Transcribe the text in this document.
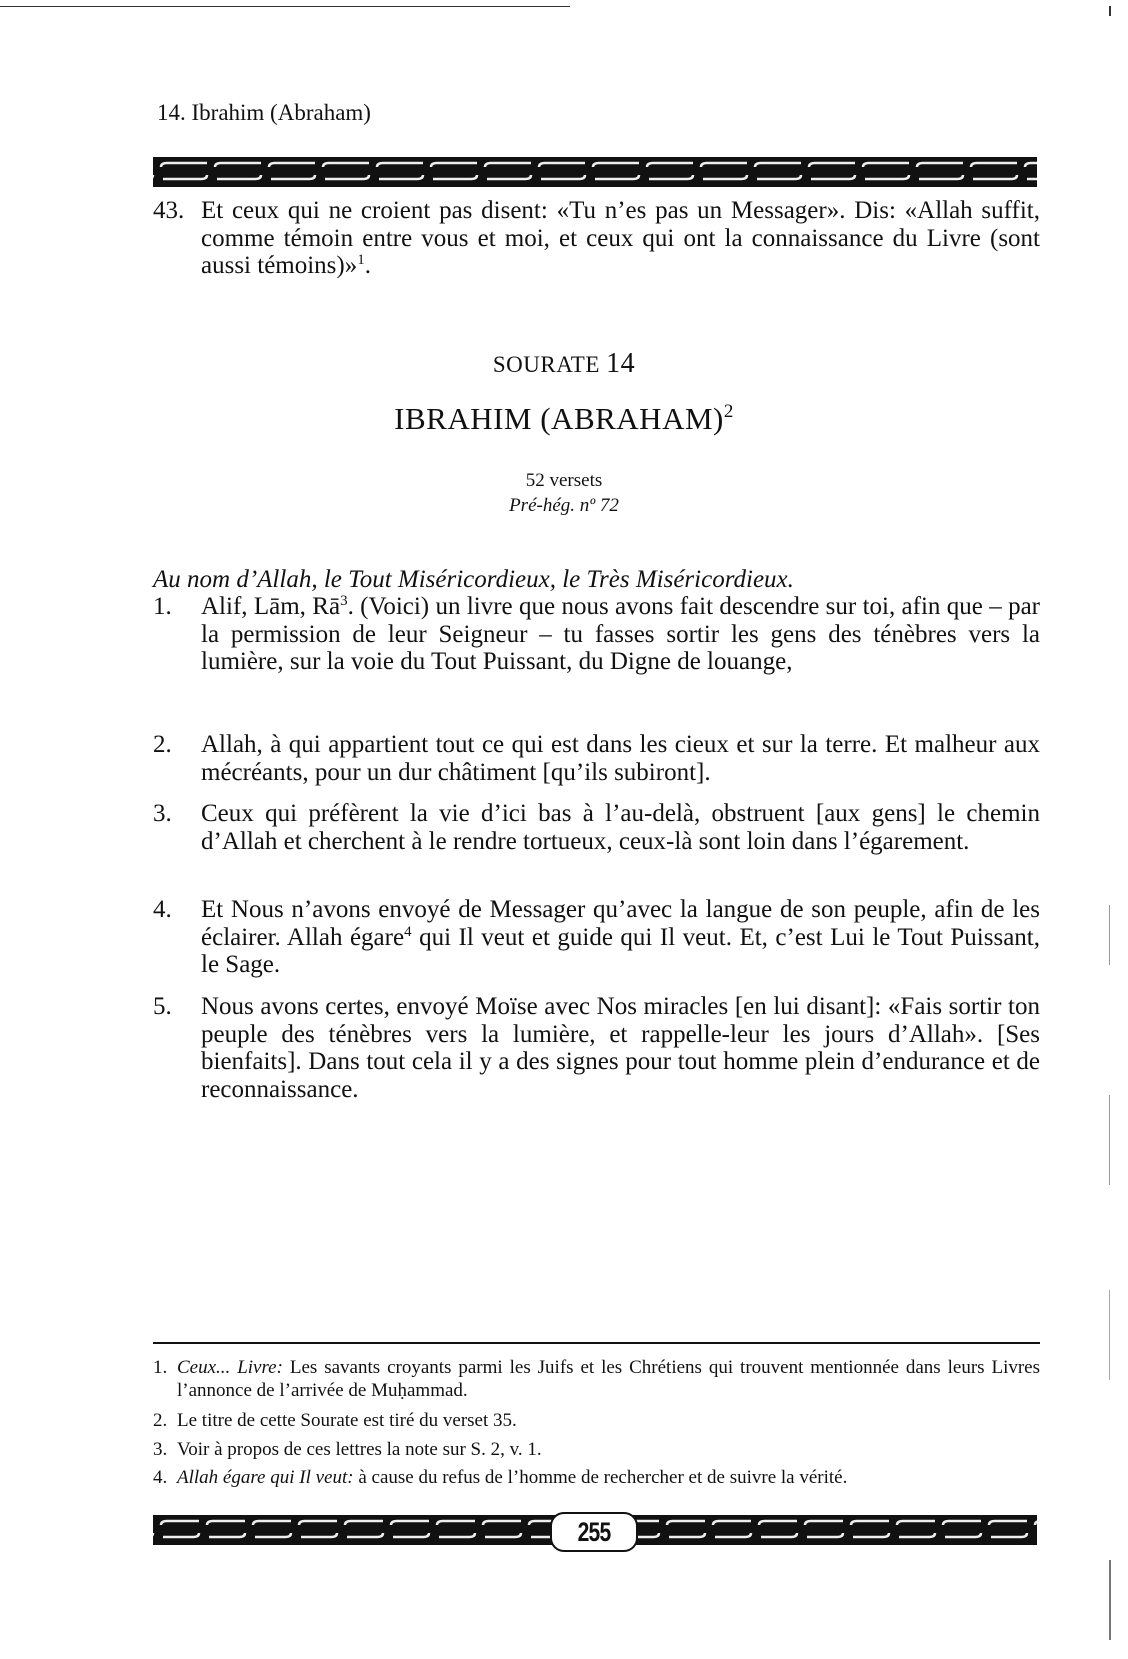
14. Ibrahim (Abraham)
43. Et ceux qui ne croient pas disent: «Tu n’es pas un Messager». Dis: «Allah suffit, comme témoin entre vous et moi, et ceux qui ont la connaissance du Livre (sont aussi témoins)»$^1$.
SOURATE 14
IBRAHIM (ABRAHAM)$^2$
52 versets
Pré-hég. nº 72
Au nom d’Allah, le Tout Miséricordieux, le Très Miséricordieux.
1.	Alif, Lām, $Rā^3$. (Voici) un livre que nous avons fait descendre sur toi, afin que – par la permission de leur Seigneur – tu fasses sortir les gens des ténèbres vers la lumière, sur la voie du Tout Puissant, du Digne de louange,
2.	Allah, à qui appartient tout ce qui est dans les cieux et sur la terre. Et malheur aux mécréants, pour un dur châtiment [qu’ils subiront].
3.	Ceux qui préfèrent la vie d’ici bas à l’au-delà, obstruent [aux gens] le chemin d’Allah et cherchent à le rendre tortueux, ceux-là sont loin dans l’égarement.
4.	Et Nous n’avons envoyé de Messager qu’avec la langue de son peuple, afin de les éclairer. Allah égare$^4$ qui Il veut et guide qui Il veut. Et, c’est Lui le Tout Puissant, le Sage.
5.	Nous avons certes, envoyé Moïse avec Nos miracles [en lui disant]: «Fais sortir ton peuple des ténèbres vers la lumière, et rappelle-leur les jours d’Allah». [Ses bienfaits]. Dans tout cela il y a des signes pour tout homme plein d’endurance et de reconnaissance.
1. Ceux... Livre: Les savants croyants parmi les Juifs et les Chrétiens qui trouvent mentionnée dans leurs Livres l’annonce de l’arrivée de Muḥammad.
2. Le titre de cette Sourate est tiré du verset 35.
3. Voir à propos de ces lettres la note sur S. 2, v. 1.
4. Allah égare qui Il veut: à cause du refus de l’homme de rechercher et de suivre la vérité.
255
